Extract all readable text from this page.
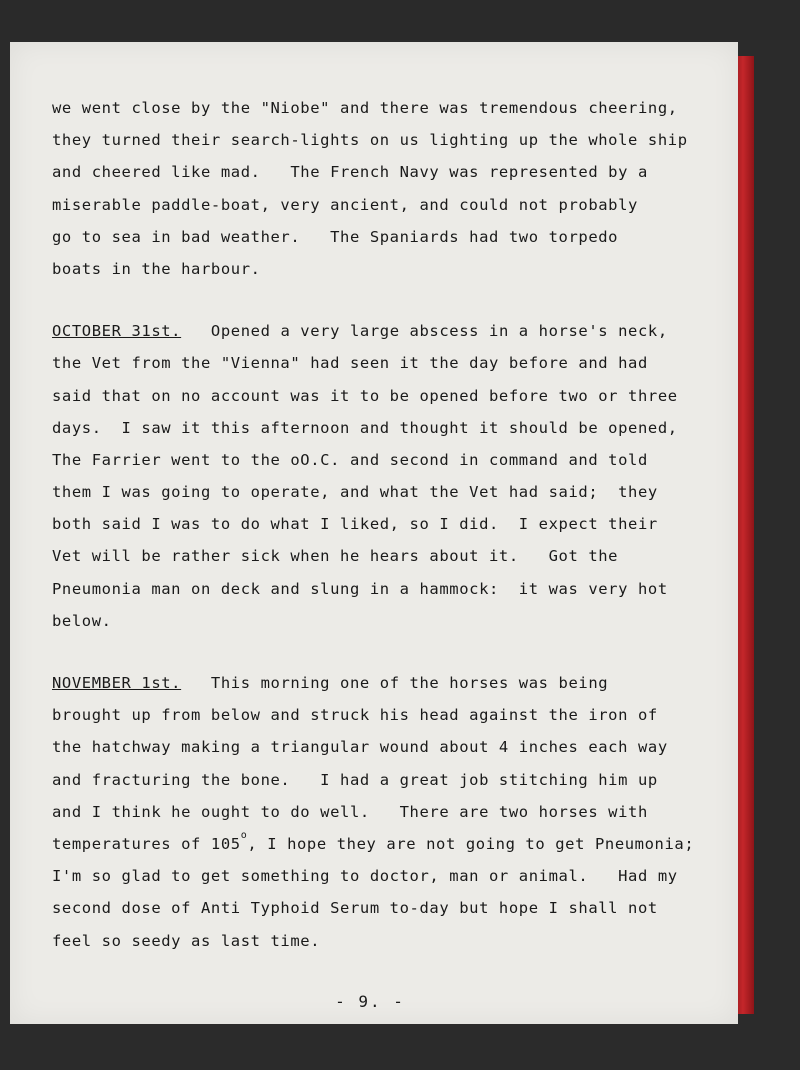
we went close by the "Niobe" and there was tremendous cheering,
they turned their search-lights on us lighting up the whole ship
and cheered like mad.   The French Navy was represented by a
miserable paddle-boat, very ancient, and could not probably
go to sea in bad weather.   The Spaniards had two torpedo
boats in the harbour.
OCTOBER 31st.   Opened a very large abscess in a horse's neck,
the Vet from the "Vienna" had seen it the day before and had
said that on no account was it to be opened before two or three
days.  I saw it this afternoon and thought it should be opened,
The Farrier went to the oO.C. and second in command and told
them I was going to operate, and what the Vet had said;  they
both said I was to do what I liked, so I did.  I expect their
Vet will be rather sick when he hears about it.   Got the
Pneumonia man on deck and slung in a hammock:  it was very hot
below.
NOVEMBER 1st.   This morning one of the horses was being
brought up from below and struck his head against the iron of
the hatchway making a triangular wound about 4 inches each way
and fracturing the bone.   I had a great job stitching him up
and I think he ought to do well.   There are two horses with
temperatures of 105$^o$, I hope they are not going to get Pneumonia;
I'm so glad to get something to doctor, man or animal.   Had my
second dose of Anti Typhoid Serum to-day but hope I shall not
feel so seedy as last time.
- 9. -
